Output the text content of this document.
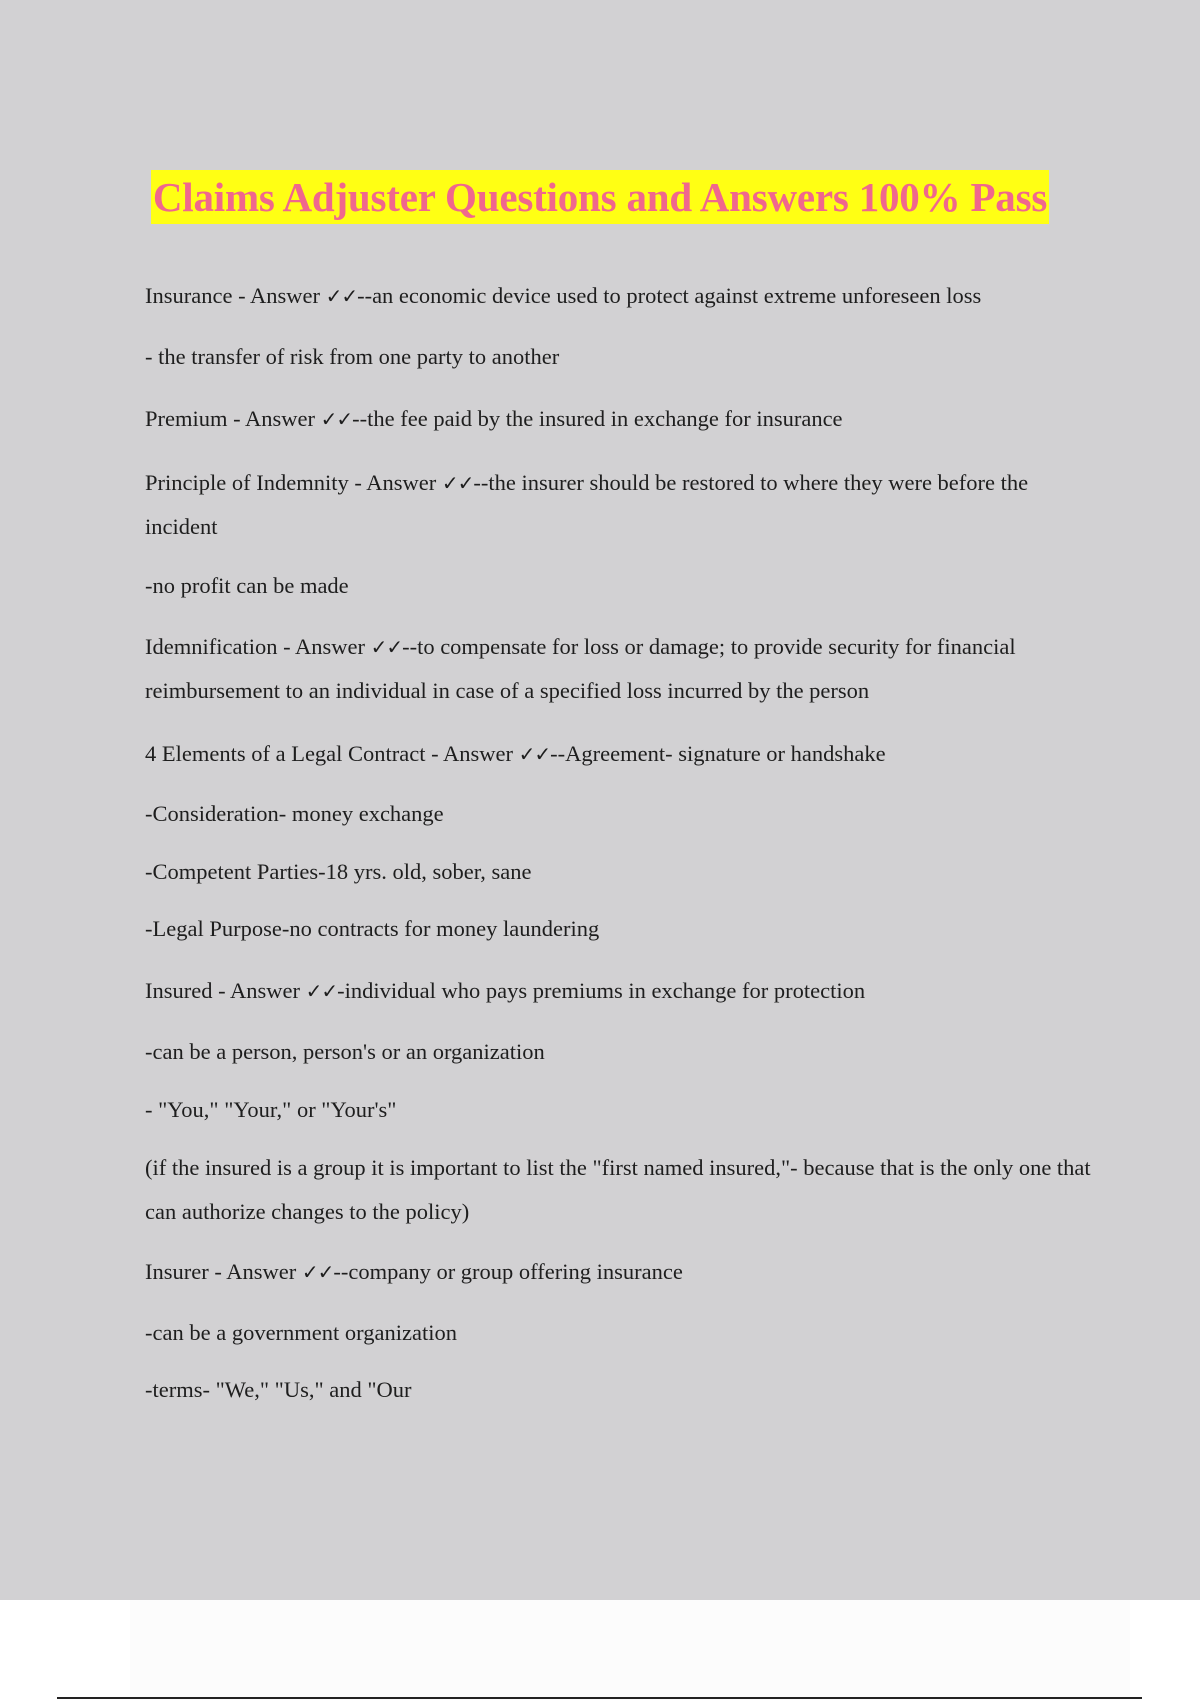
Claims Adjuster Questions and Answers 100% Pass
Insurance - Answer ✓✓--an economic device used to protect against extreme unforeseen loss
- the transfer of risk from one party to another
Premium - Answer ✓✓--the fee paid by the insured in exchange for insurance
Principle of Indemnity - Answer ✓✓--the insurer should be restored to where they were before the incident
-no profit can be made
Idemnification - Answer ✓✓--to compensate for loss or damage; to provide security for financial reimbursement to an individual in case of a specified loss incurred by the person
4 Elements of a Legal Contract - Answer ✓✓--Agreement- signature or handshake
-Consideration- money exchange
-Competent Parties-18 yrs. old, sober, sane
-Legal Purpose-no contracts for money laundering
Insured - Answer ✓✓-individual who pays premiums in exchange for protection
-can be a person, person's or an organization
- "You," "Your," or "Your's"
(if the insured is a group it is important to list the "first named insured,"- because that is the only one that can authorize changes to the policy)
Insurer - Answer ✓✓--company or group offering insurance
-can be a government organization
-terms- "We," "Us," and "Our
